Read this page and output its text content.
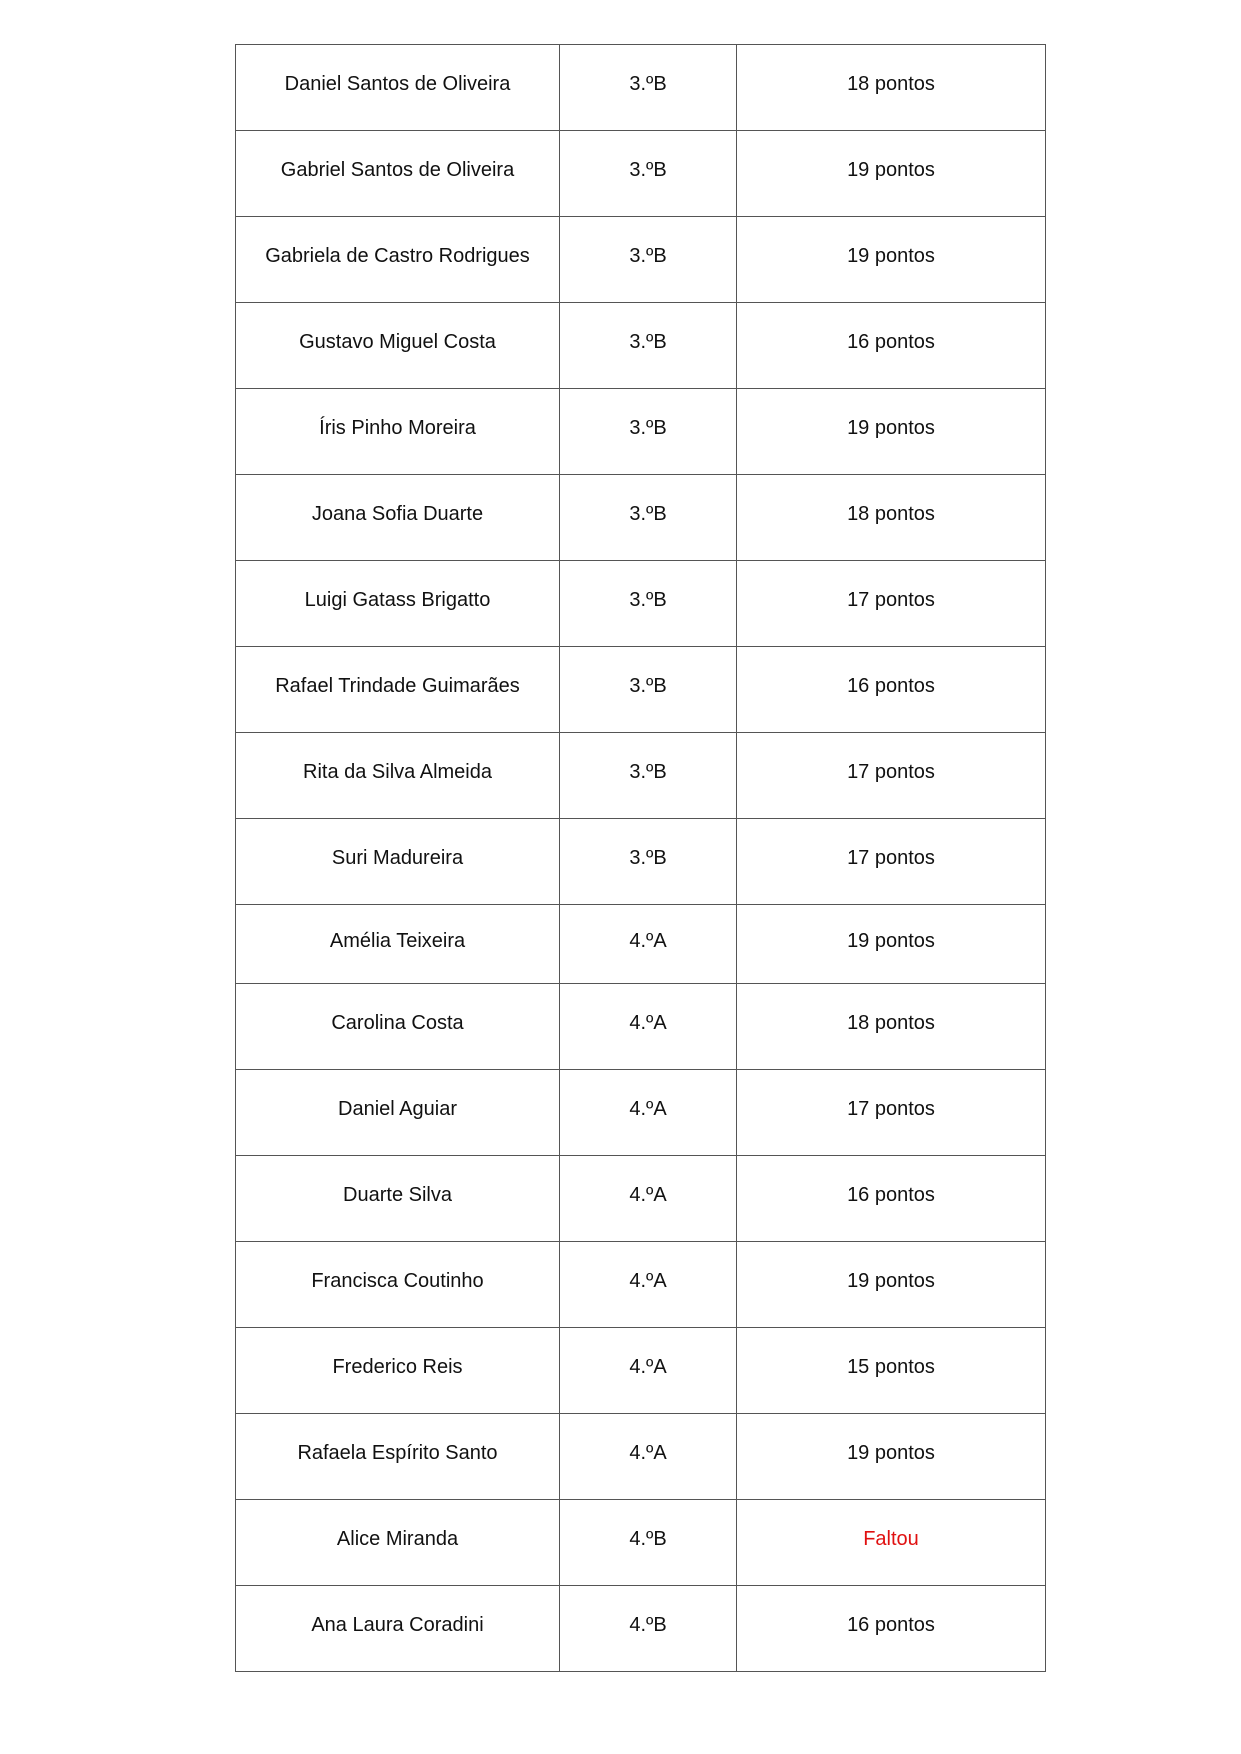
Daniel Santos de Oliveira	3.ºB	18 pontos
Gabriel Santos de Oliveira	3.ºB	19 pontos
Gabriela de Castro Rodrigues	3.ºB	19 pontos
Gustavo Miguel Costa	3.ºB	16 pontos
Íris Pinho Moreira	3.ºB	19 pontos
Joana Sofia Duarte	3.ºB	18 pontos
Luigi Gatass Brigatto	3.ºB	17 pontos
Rafael Trindade Guimarães	3.ºB	16 pontos
Rita da Silva Almeida	3.ºB	17 pontos
Suri Madureira	3.ºB	17 pontos
Amélia Teixeira	4.ºA	19 pontos
Carolina Costa	4.ºA	18 pontos
Daniel Aguiar	4.ºA	17 pontos
Duarte Silva	4.ºA	16 pontos
Francisca Coutinho	4.ºA	19 pontos
Frederico Reis	4.ºA	15 pontos
Rafaela Espírito Santo	4.ºA	19 pontos
Alice Miranda	4.ºB	Faltou
Ana Laura Coradini	4.ºB	16 pontos
